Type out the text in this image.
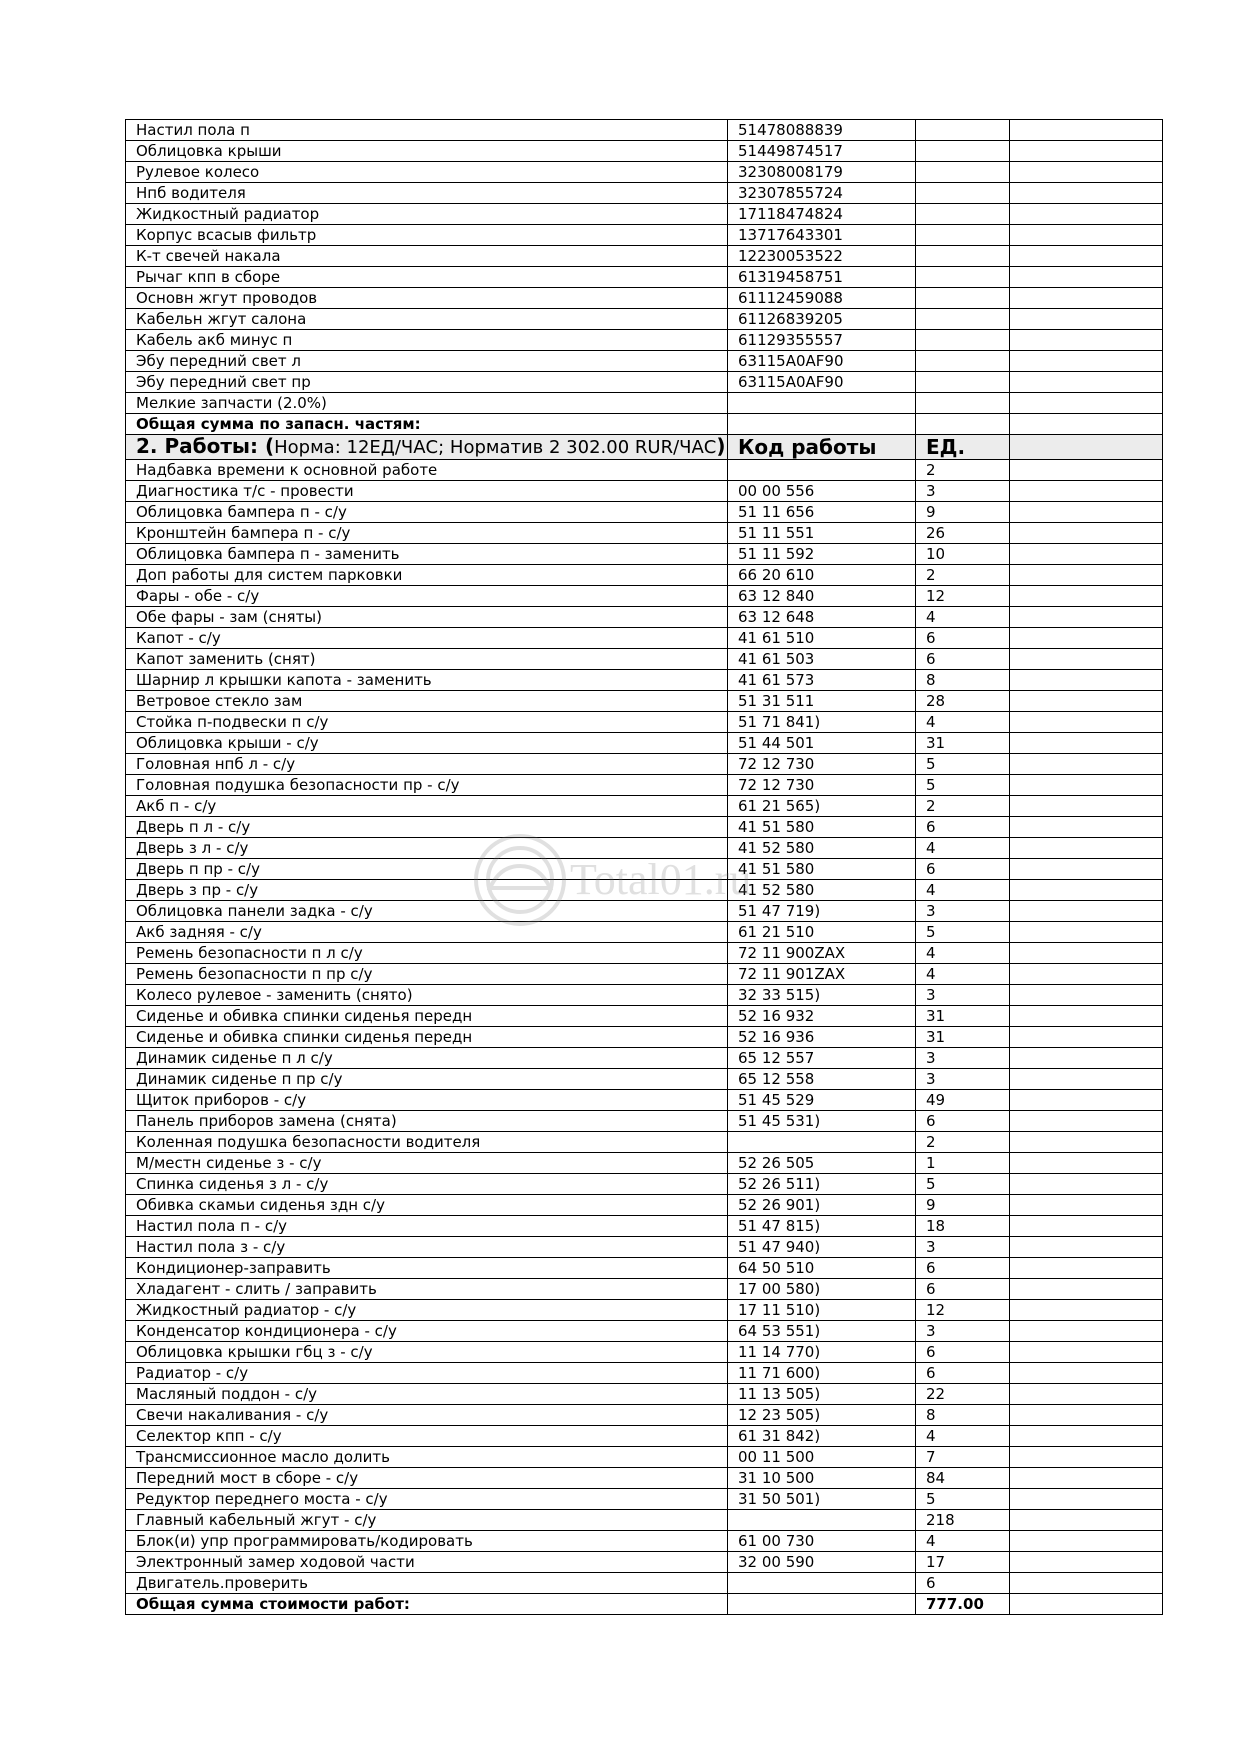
Настил пола п	51478088839		
Облицовка крыши	51449874517		
Рулевое колесо	32308008179		
Нпб водителя	32307855724		
Жидкостный радиатор	17118474824		
Корпус всасыв фильтр	13717643301		
К-т свечей накала	12230053522		
Рычаг кпп в сборе	61319458751		
Основн жгут проводов	61112459088		
Кабельн жгут салона	61126839205		
Кабель акб минус п	61129355557		
Эбу передний свет л	63115A0AF90		
Эбу передний свет пр	63115A0AF90		
Мелкие запчасти (2.0%)			
Общая сумма по запасн. частям:			
2. Работы: (Норма: 12ЕД/ЧАС; Норматив 2 302.00 RUR/ЧАС)	Код работы	ЕД.	
Надбавка времени к основной работе		2	
Диагностика т/с - провести	00 00 556	3	
Облицовка бампера п - с/у	51 11 656	9	
Кронштейн бампера п - с/у	51 11 551	26	
Облицовка бампера п - заменить	51 11 592	10	
Доп работы для систем парковки	66 20 610	2	
Фары - обе - с/у	63 12 840	12	
Обе фары - зам (сняты)	63 12 648	4	
Капот - с/у	41 61 510	6	
Капот заменить (снят)	41 61 503	6	
Шарнир л крышки капота - заменить	41 61 573	8	
Ветровое стекло зам	51 31 511	28	
Стойка п-подвески п с/у	51 71 841)	4	
Облицовка крыши - с/у	51 44 501	31	
Головная нпб л - с/у	72 12 730	5	
Головная подушка безопасности пр - с/у	72 12 730	5	
Акб п - с/у	61 21 565)	2	
Дверь п л - с/у	41 51 580	6	
Дверь з л - с/у	41 52 580	4	
Дверь п пр - с/у	41 51 580	6	
Дверь з пр - с/у	41 52 580	4	
Облицовка панели задка - с/у	51 47 719)	3	
Акб задняя - с/у	61 21 510	5	
Ремень безопасности п л с/у	72 11 900ZAX	4	
Ремень безопасности п пр с/у	72 11 901ZAX	4	
Колесо рулевое - заменить (снято)	32 33 515)	3	
Сиденье и обивка спинки сиденья передн	52 16 932	31	
Сиденье и обивка спинки сиденья передн	52 16 936	31	
Динамик сиденье п л с/у	65 12 557	3	
Динамик сиденье п пр с/у	65 12 558	3	
Щиток приборов - с/у	51 45 529	49	
Панель приборов замена (снята)	51 45 531)	6	
Коленная подушка безопасности водителя		2	
М/местн сиденье з - с/у	52 26 505	1	
Спинка сиденья з л - с/у	52 26 511)	5	
Обивка скамьи сиденья здн с/у	52 26 901)	9	
Настил пола п - с/у	51 47 815)	18	
Настил пола з - с/у	51 47 940)	3	
Кондиционер-заправить	64 50 510	6	
Хладагент - слить / заправить	17 00 580)	6	
Жидкостный радиатор - с/у	17 11 510)	12	
Конденсатор кондиционера - с/у	64 53 551)	3	
Облицовка крышки гбц з - с/у	11 14 770)	6	
Радиатор - с/у	11 71 600)	6	
Масляный поддон - с/у	11 13 505)	22	
Свечи накаливания - с/у	12 23 505)	8	
Селектор кпп - с/у	61 31 842)	4	
Трансмиссионное масло долить	00 11 500	7	
Передний мост в сборе - с/у	31 10 500	84	
Редуктор переднего моста - с/у	31 50 501)	5	
Главный кабельный жгут - с/у		218	
Блок(и) упр программировать/кодировать	61 00 730	4	
Электронный замер ходовой части	32 00 590	17	
Двигатель.проверить		6	
Общая сумма стоимости работ:		777.00	
Total01.ru
